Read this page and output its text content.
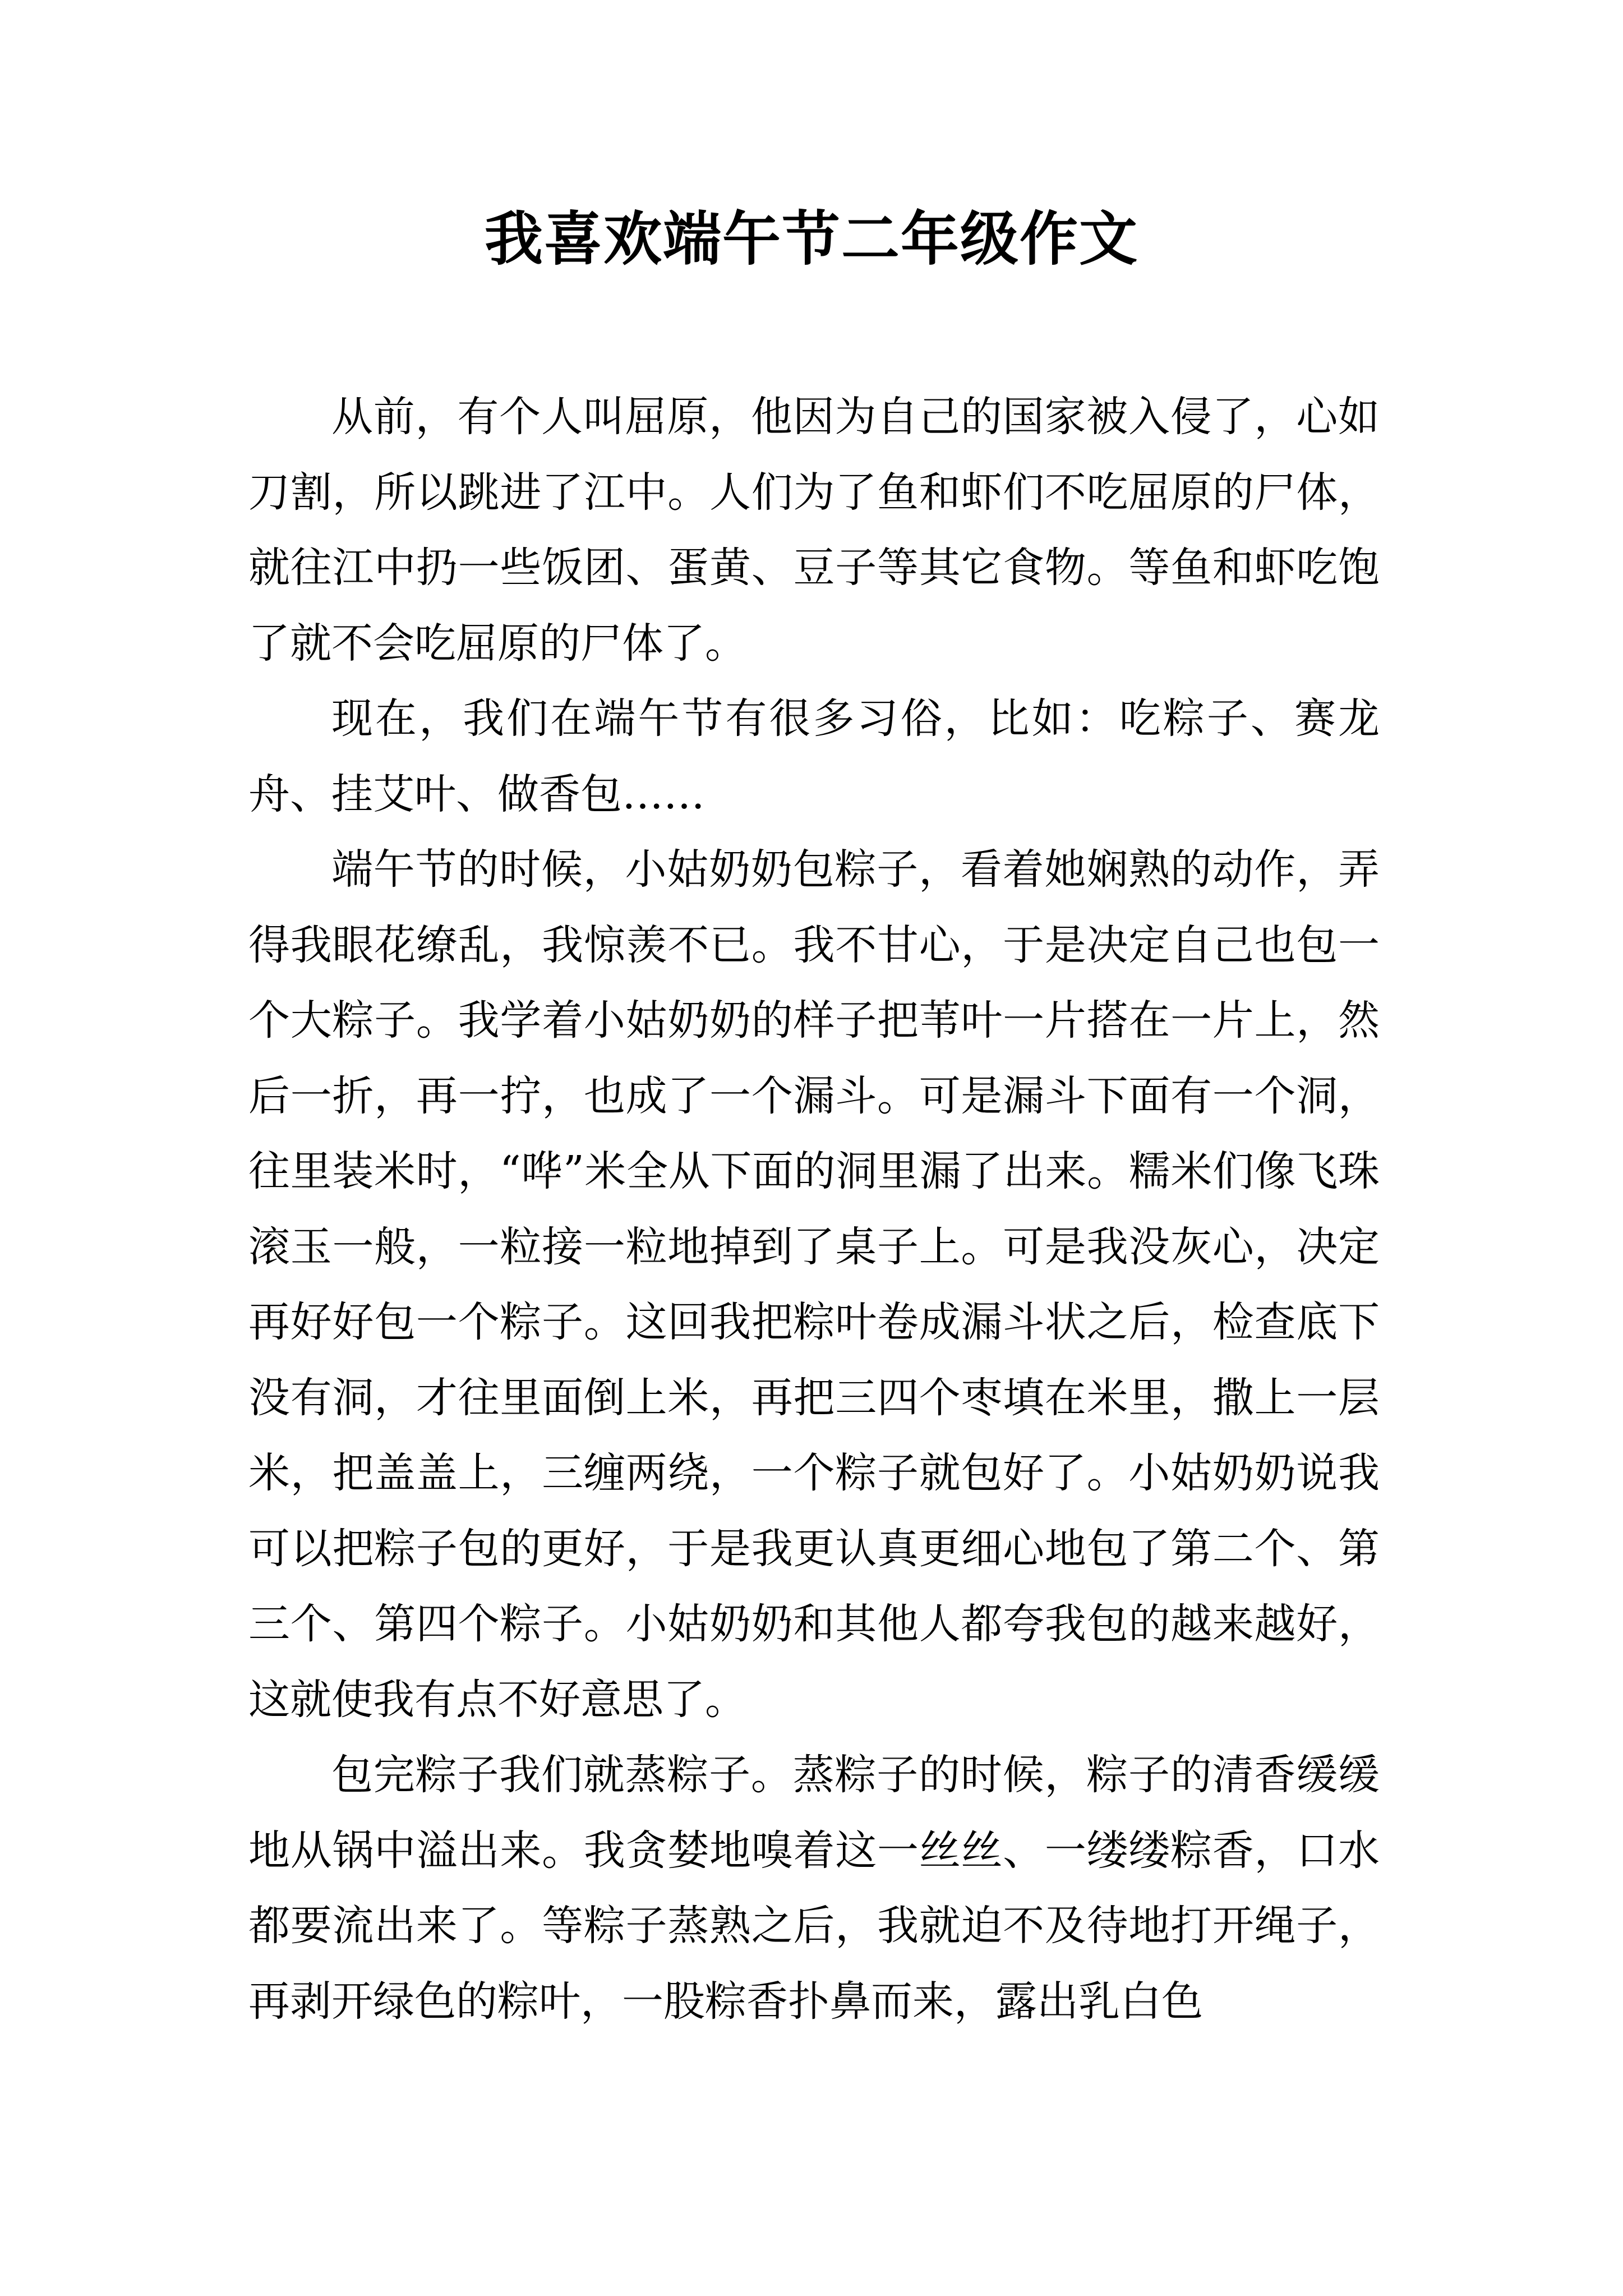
我喜欢端午节二年级作文

从前，有个人叫屈原，他因为自己的国家被入侵了，心如刀割，所以跳进了江中。人们为了鱼和虾们不吃屈原的尸体，就往江中扔一些饭团、蛋黄、豆子等其它食物。等鱼和虾吃饱了就不会吃屈原的尸体了。

现在，我们在端午节有很多习俗，比如：吃粽子、赛龙舟、挂艾叶、做香包……

端午节的时候，小姑奶奶包粽子，看着她娴熟的动作，弄得我眼花缭乱，我惊羡不已。我不甘心，于是决定自己也包一个大粽子。我学着小姑奶奶的样子把苇叶一片搭在一片上，然后一折，再一拧，也成了一个漏斗。可是漏斗下面有一个洞，往里装米时，“哗”米全从下面的洞里漏了出来。糯米们像飞珠滚玉一般，一粒接一粒地掉到了桌子上。可是我没灰心，决定再好好包一个粽子。这回我把粽叶卷成漏斗状之后，检查底下没有洞，才往里面倒上米，再把三四个枣填在米里，撒上一层米，把盖盖上，三缠两绕，一个粽子就包好了。小姑奶奶说我可以把粽子包的更好，于是我更认真更细心地包了第二个、第三个、第四个粽子。小姑奶奶和其他人都夸我包的越来越好，这就使我有点不好意思了。

包完粽子我们就蒸粽子。蒸粽子的时候，粽子的清香缓缓地从锅中溢出来。我贪婪地嗅着这一丝丝、一缕缕粽香，口水都要流出来了。等粽子蒸熟之后，我就迫不及待地打开绳子，再剥开绿色的粽叶，一股粽香扑鼻而来，露出乳白色
